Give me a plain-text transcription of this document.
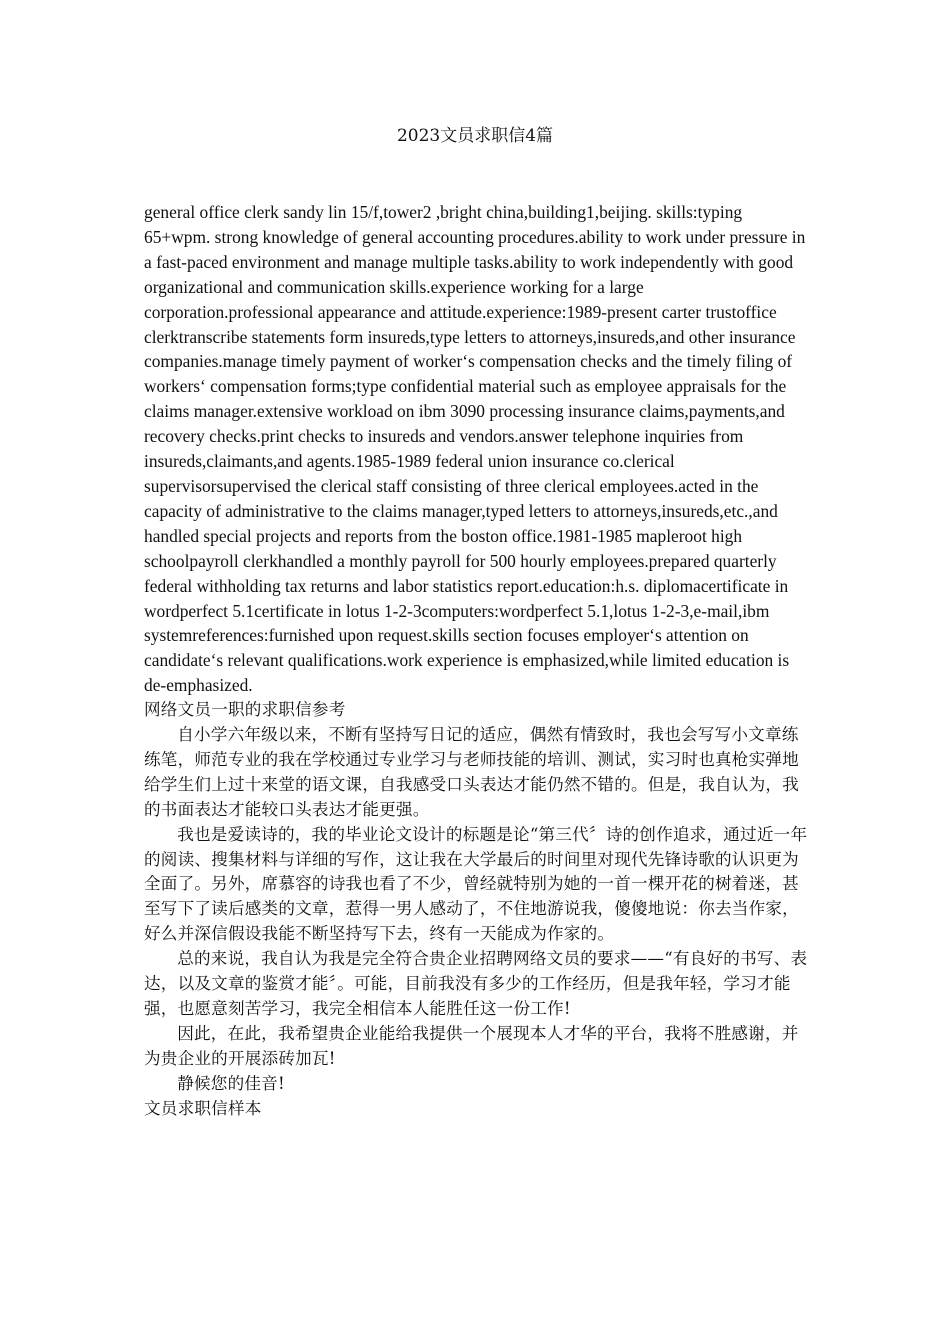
2023文员求职信4篇

general office clerk sandy lin 15/f,tower2 ,bright china,building1,beijing. skills:typing 65+wpm. strong knowledge of general accounting procedures.ability to work under pressure in a fast-paced environment and manage multiple tasks.ability to work independently with good organizational and communication skills.experience working for a large corporation.professional appearance and attitude.experience:1989-present carter trustoffice clerktranscribe statements form insureds,type letters to attorneys,insureds,and other insurance companies.manage timely payment of worker‘s compensation checks and the timely filing of workers‘ compensation forms;type confidential material such as employee appraisals for the claims manager.extensive workload on ibm 3090 processing insurance claims,payments,and recovery checks.print checks to insureds and vendors.answer telephone inquiries from insureds,claimants,and agents.1985-1989 federal union insurance co.clerical supervisorsupervised the clerical staff consisting of three clerical employees.acted in the capacity of administrative to the claims manager,typed letters to attorneys,insureds,etc.,and handled special projects and reports from the boston office.1981-1985 mapleroot high schoolpayroll clerkhandled a monthly payroll for 500 hourly employees.prepared quarterly federal withholding tax returns and labor statistics report.education:h.s. diplomacertificate in wordperfect 5.1certificate in lotus 1-2-3computers:wordperfect 5.1,lotus 1-2-3,e-mail,ibm systemreferences:furnished upon request.skills section focuses employer‘s attention on candidate‘s relevant qualifications.work experience is emphasized,while limited education is de-emphasized.

网络文员一职的求职信参考

自小学六年级以来，不断有坚持写日记的适应，偶然有情致时，我也会写写小文章练练笔，师范专业的我在学校通过专业学习与老师技能的培训、测试，实习时也真枪实弹地给学生们上过十来堂的语文课，自我感受口头表达才能仍然不错的。但是，我自认为，我的书面表达才能较口头表达才能更强。

我也是爱读诗的，我的毕业论文设计的标题是论“第三代〞诗的创作追求，通过近一年的阅读、搜集材料与详细的写作，这让我在大学最后的时间里对现代先锋诗歌的认识更为全面了。另外，席慕容的诗我也看了不少，曾经就特别为她的一首一棵开花的树着迷，甚至写下了读后感类的文章，惹得一男人感动了，不住地游说我，傻傻地说：你去当作家，好么并深信假设我能不断坚持写下去，终有一天能成为作家的。

总的来说，我自认为我是完全符合贵企业招聘网络文员的要求——“有良好的书写、表达，以及文章的鉴赏才能〞。可能，目前我没有多少的工作经历，但是我年轻，学习才能强，也愿意刻苦学习，我完全相信本人能胜任这一份工作!

因此，在此，我希望贵企业能给我提供一个展现本人才华的平台，我将不胜感谢，并为贵企业的开展添砖加瓦!

静候您的佳音!

文员求职信样本
